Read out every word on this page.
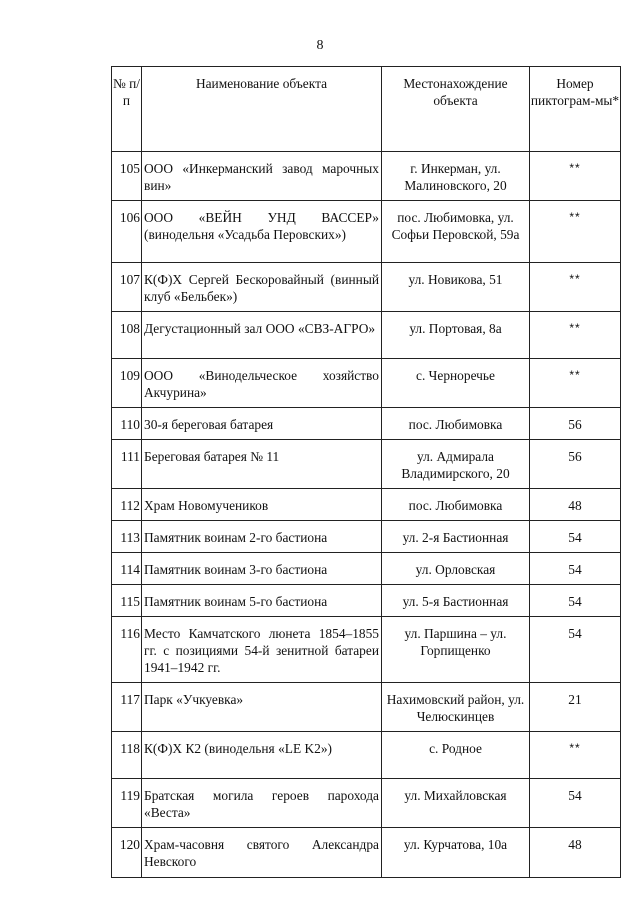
8
№ п/п	Наименование объекта	Местонахождение объекта	Номер пиктограм-мы*
105	ООО «Инкерманский завод марочных вин»	г. Инкерман, ул. Малиновского, 20	**
106	ООО «ВЕЙН УНД ВАССЕР» (винодельня «Усадьба Перовских»)	пос. Любимовка, ул. Софьи Перовской, 59а	**
107	К(Ф)Х Сергей Бескоровайный (винный клуб «Бельбек»)	ул. Новикова, 51	**
108	Дегустационный зал ООО «СВЗ-АГРО»	ул. Портовая, 8а	**
109	ООО «Винодельческое хозяйство Акчурина»	с. Черноречье	**
110	30-я береговая батарея	пос. Любимовка	56
111	Береговая батарея № 11	ул. Адмирала Владимирского, 20	56
112	Храм Новомучеников	пос. Любимовка	48
113	Памятник воинам 2-го бастиона	ул. 2-я Бастионная	54
114	Памятник воинам 3-го бастиона	ул. Орловская	54
115	Памятник воинам 5-го бастиона	ул. 5-я Бастионная	54
116	Место Камчатского люнета 1854–1855 гг. с позициями 54-й зенитной батареи 1941–1942 гг.	ул. Паршина – ул. Горпищенко	54
117	Парк «Учкуевка»	Нахимовский район, ул. Челюскинцев	21
118	К(Ф)Х К2 (винодельня «LE K2»)	с. Родное	**
119	Братская могила героев парохода «Веста»	ул. Михайловская	54
120	Храм-часовня святого Александра Невского	ул. Курчатова, 10а	48
